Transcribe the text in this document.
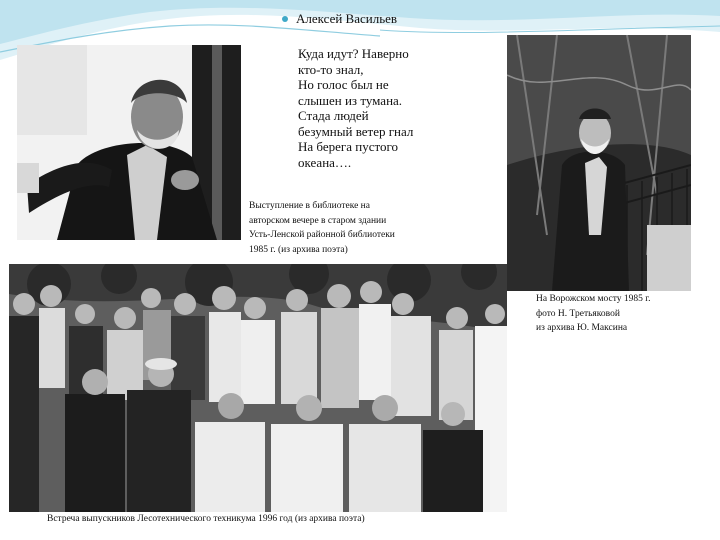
Алексей Васильев
Куда идут? Наверно
кто-то знал,
Но голос был не
слышен из тумана.
Стада людей
безумный ветер гнал
На берега пустого
океана….
Выступление в библиотеке на
авторском вечере в старом здании
Усть-Ленской районной библиотеки
1985 г. (из архива поэта)
На Ворожском мосту 1985 г.
фото Н. Третьяковой
из архива Ю. Максина
Встреча выпускников Лесотехнического техникума 1996 год (из архива поэта)
